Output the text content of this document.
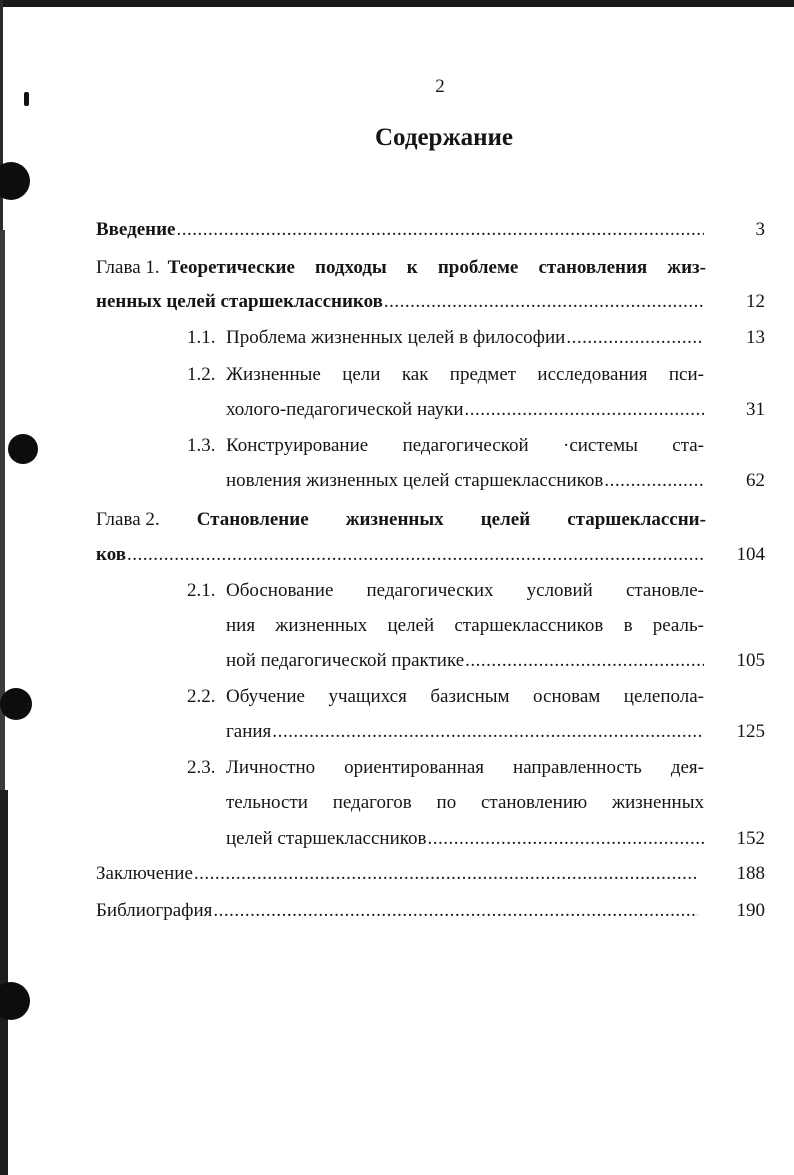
2
Содержание
Введение .....	3
Глава 1. Теоретические подходы к проблеме становления жиз-
ненных целей старшеклассников .....	12
1.1. Проблема жизненных целей в философии .....	13
1.2. Жизненные цели как предмет исследования пси-
холого-педагогической науки .....	31
1.3. Конструирование педагогической ·системы ста-
новления жизненных целей старшеклассников .....	62
Глава 2. Становление жизненных целей старшеклассни-
ков .....	104
2.1. Обоснование педагогических условий становле-
ния жизненных целей старшеклассников в реаль-
ной педагогической практике .....	105
2.2. Обучение учащихся базисным основам целепола-
гания .....	125
2.3. Личностно ориентированная направленность дея-
тельности педагогов по становлению жизненных
целей старшеклассников .....	152
Заключение .....	188
Библиография .....	190
